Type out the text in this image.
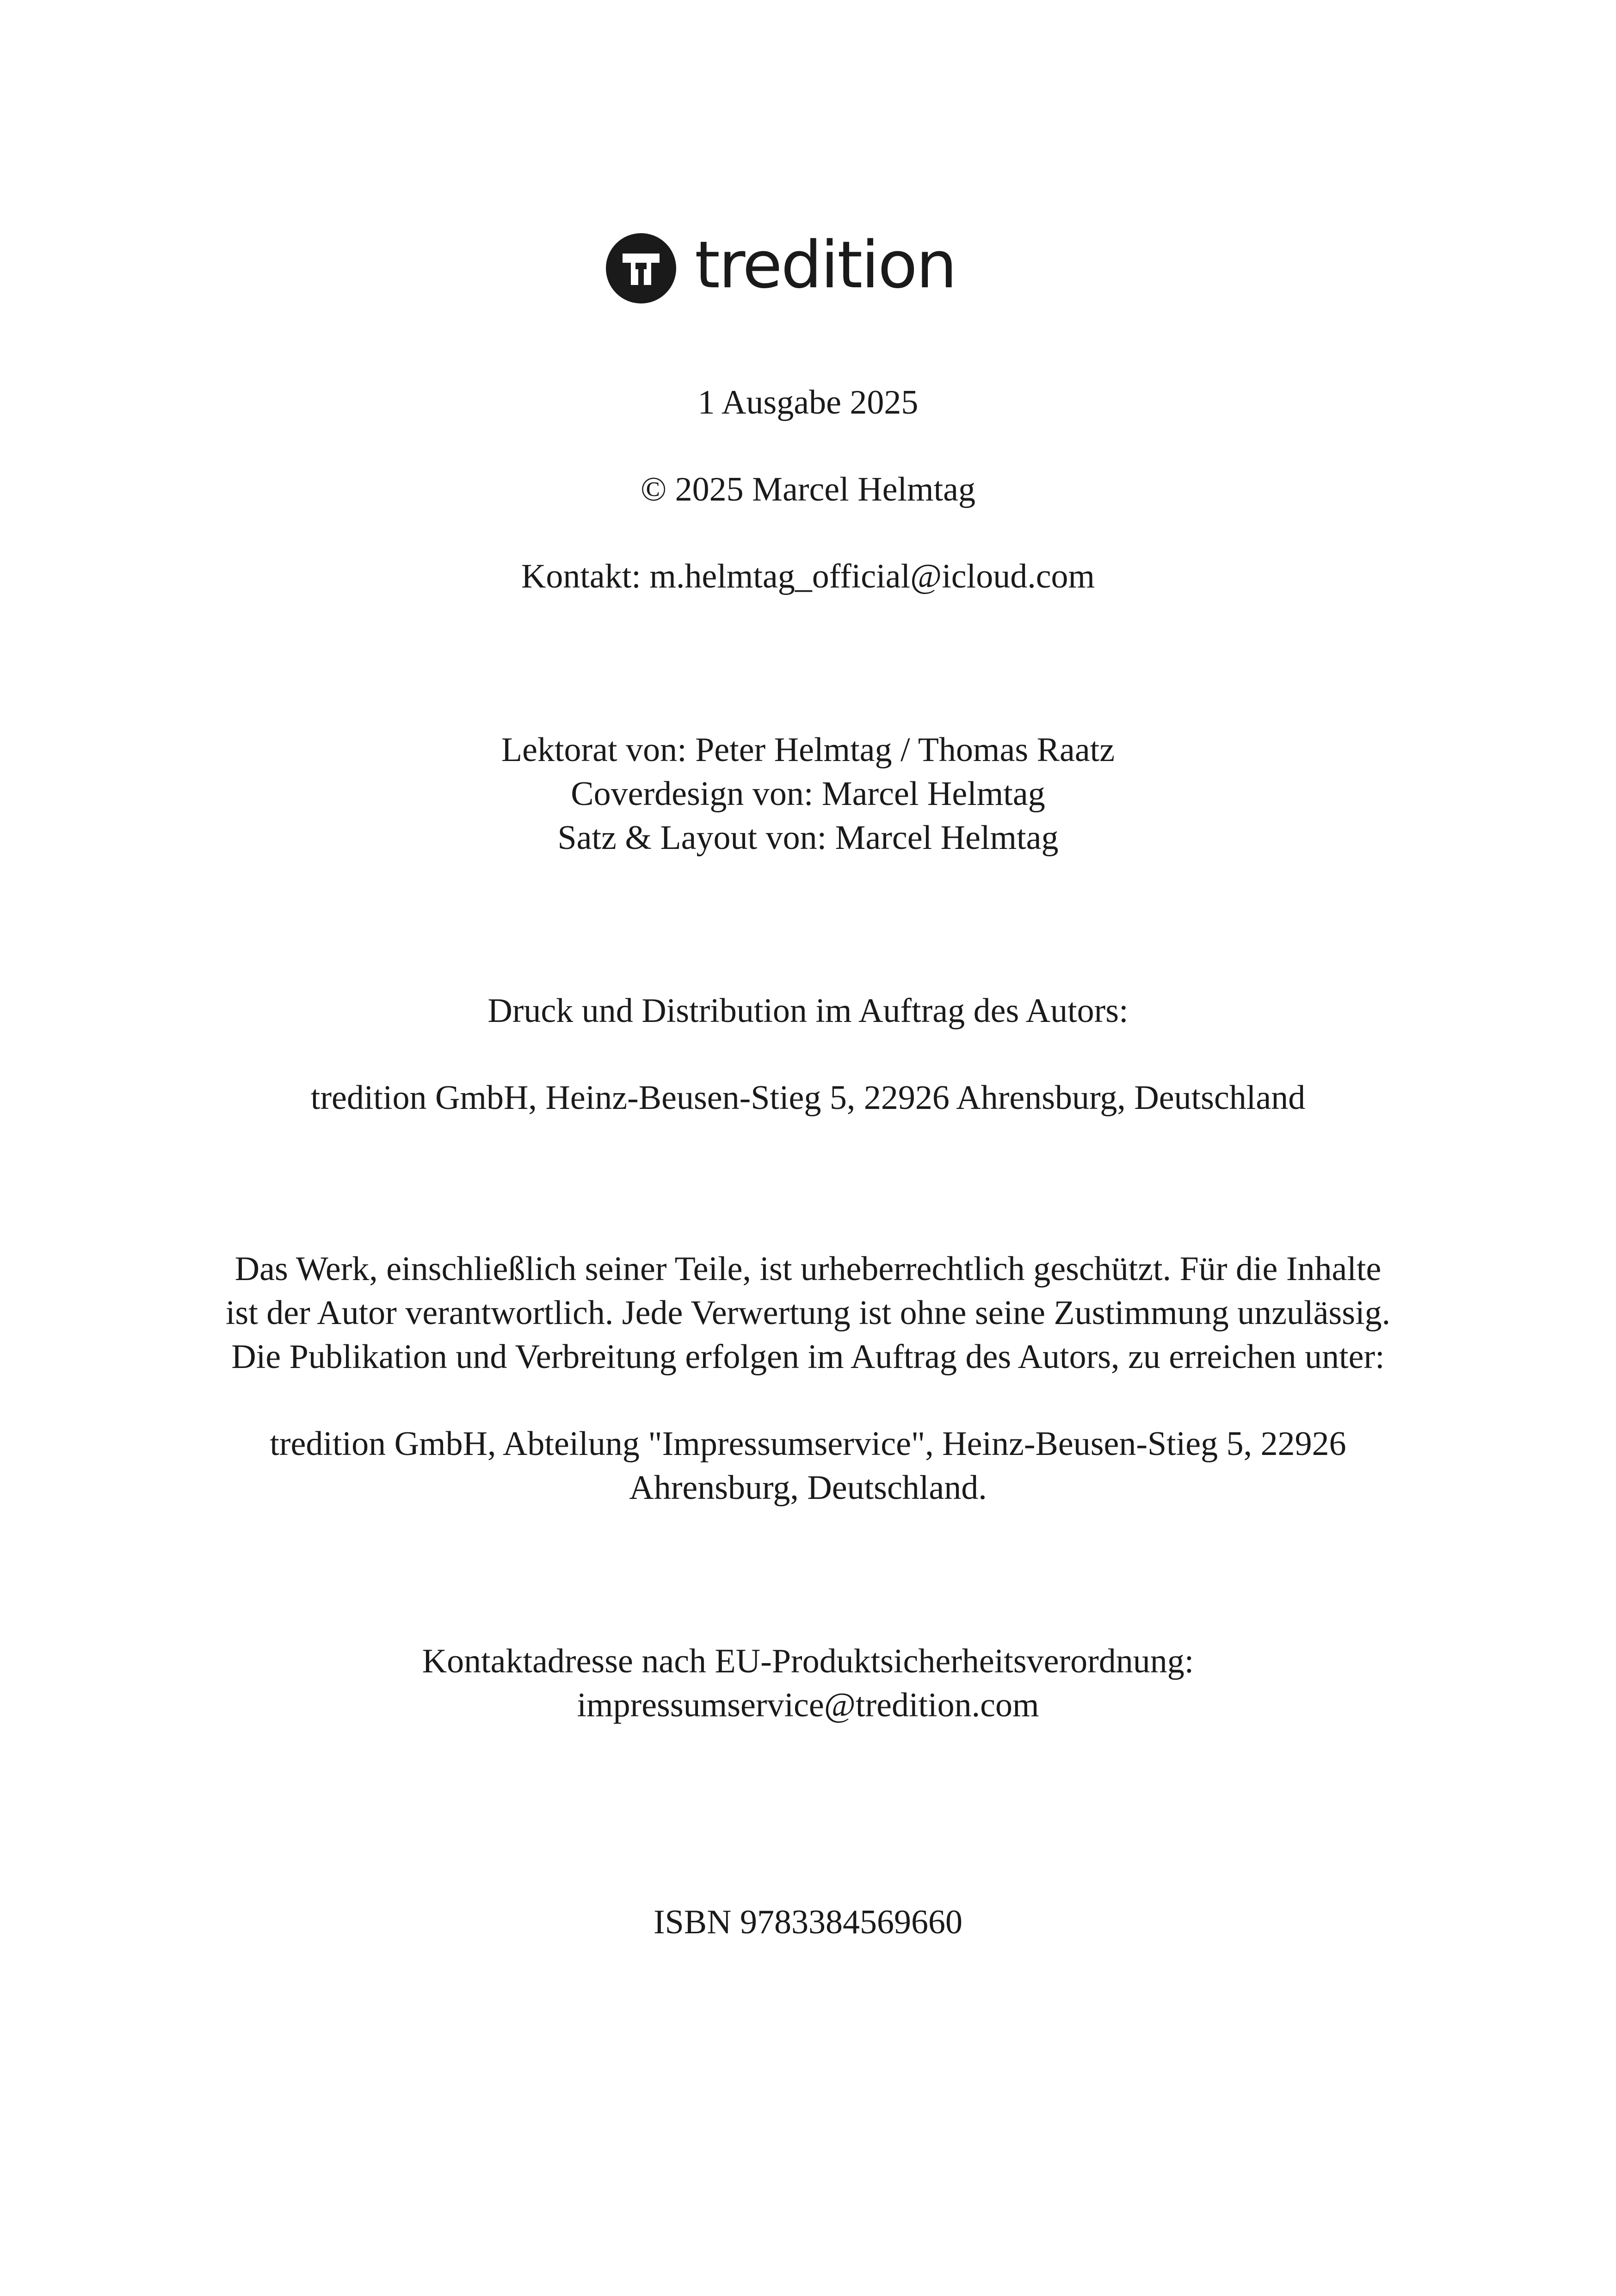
tredition
1 Ausgabe 2025
© 2025 Marcel Helmtag
Kontakt: m.helmtag_official@icloud.com
Lektorat von: Peter Helmtag / Thomas Raatz
Coverdesign von: Marcel Helmtag
Satz & Layout von: Marcel Helmtag
Druck und Distribution im Auftrag des Autors:
tredition GmbH, Heinz-Beusen-Stieg 5, 22926 Ahrensburg, Deutschland
Das Werk, einschließlich seiner Teile, ist urheberrechtlich geschützt. Für die Inhalte
ist der Autor verantwortlich. Jede Verwertung ist ohne seine Zustimmung unzulässig.
Die Publikation und Verbreitung erfolgen im Auftrag des Autors, zu erreichen unter:
tredition GmbH, Abteilung "Impressumservice", Heinz-Beusen-Stieg 5, 22926
Ahrensburg, Deutschland.
Kontaktadresse nach EU-Produktsicherheitsverordnung:
impressumservice@tredition.com
ISBN 9783384569660
